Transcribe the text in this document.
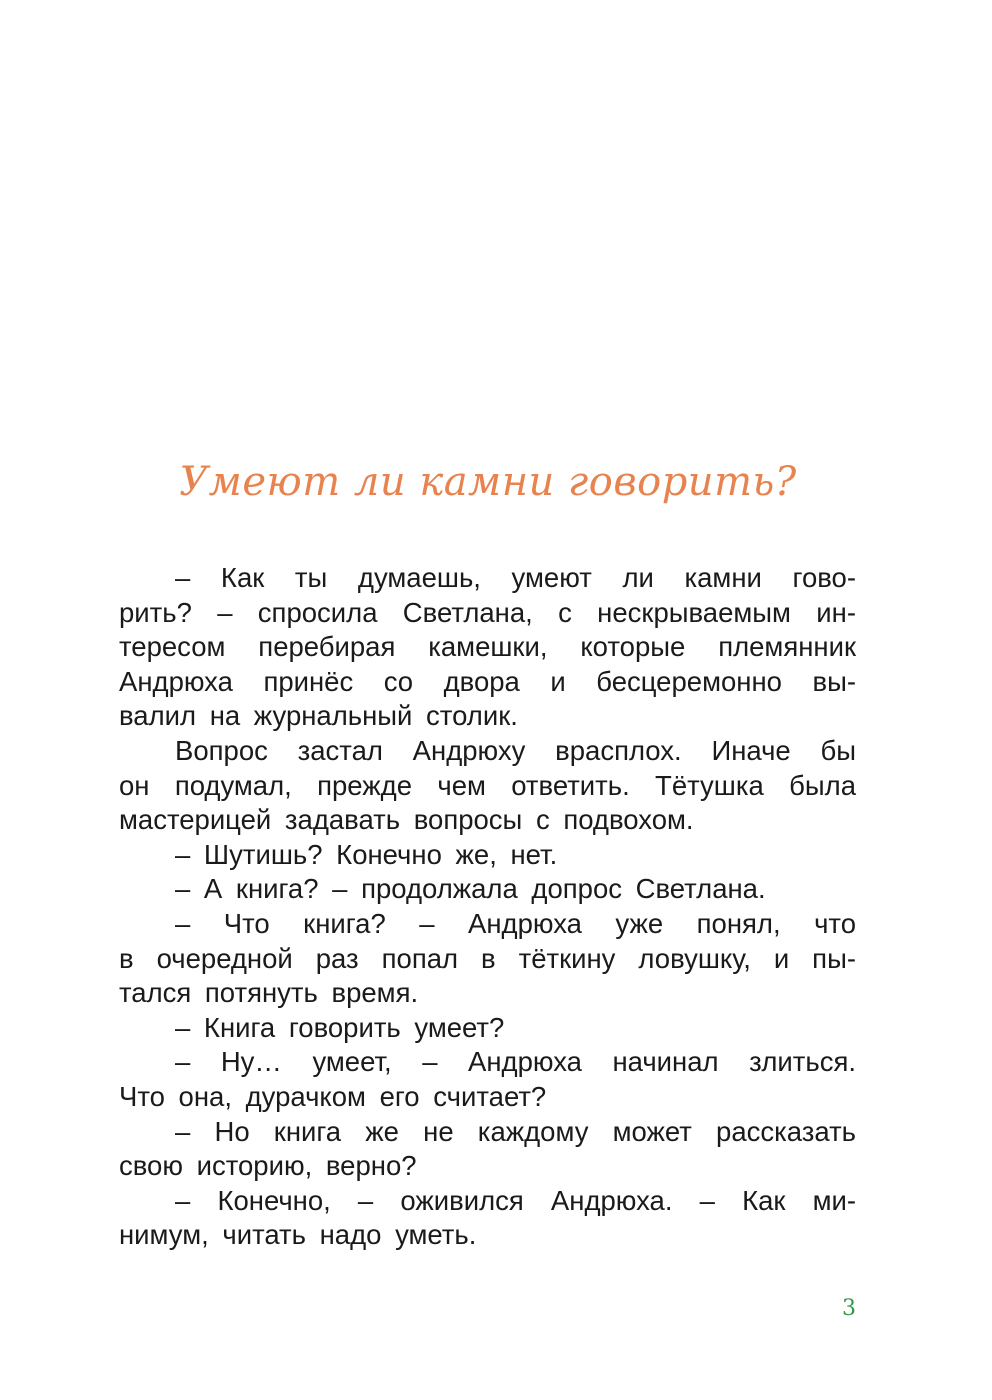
Умеют ли камни говорить?
– Как ты думаешь, умеют ли камни гово-
рить? – спросила Светлана, с нескрываемым ин-
тересом перебирая камешки, которые племянник
Андрюха принёс со двора и бесцеремонно вы-
валил на журнальный столик.
Вопрос застал Андрюху врасплох. Иначе бы
он подумал, прежде чем ответить. Тётушка была
мастерицей задавать вопросы с подвохом.
– Шутишь? Конечно же, нет.
– А книга? – продолжала допрос Светлана.
– Что книга? – Андрюха уже понял, что
в очередной раз попал в тёткину ловушку, и пы-
тался потянуть время.
– Книга говорить умеет?
– Ну… умеет, – Андрюха начинал злиться.
Что она, дурачком его считает?
– Но книга же не каждому может рассказать
свою историю, верно?
– Конечно, – оживился Андрюха. – Как ми-
нимум, читать надо уметь.
3
